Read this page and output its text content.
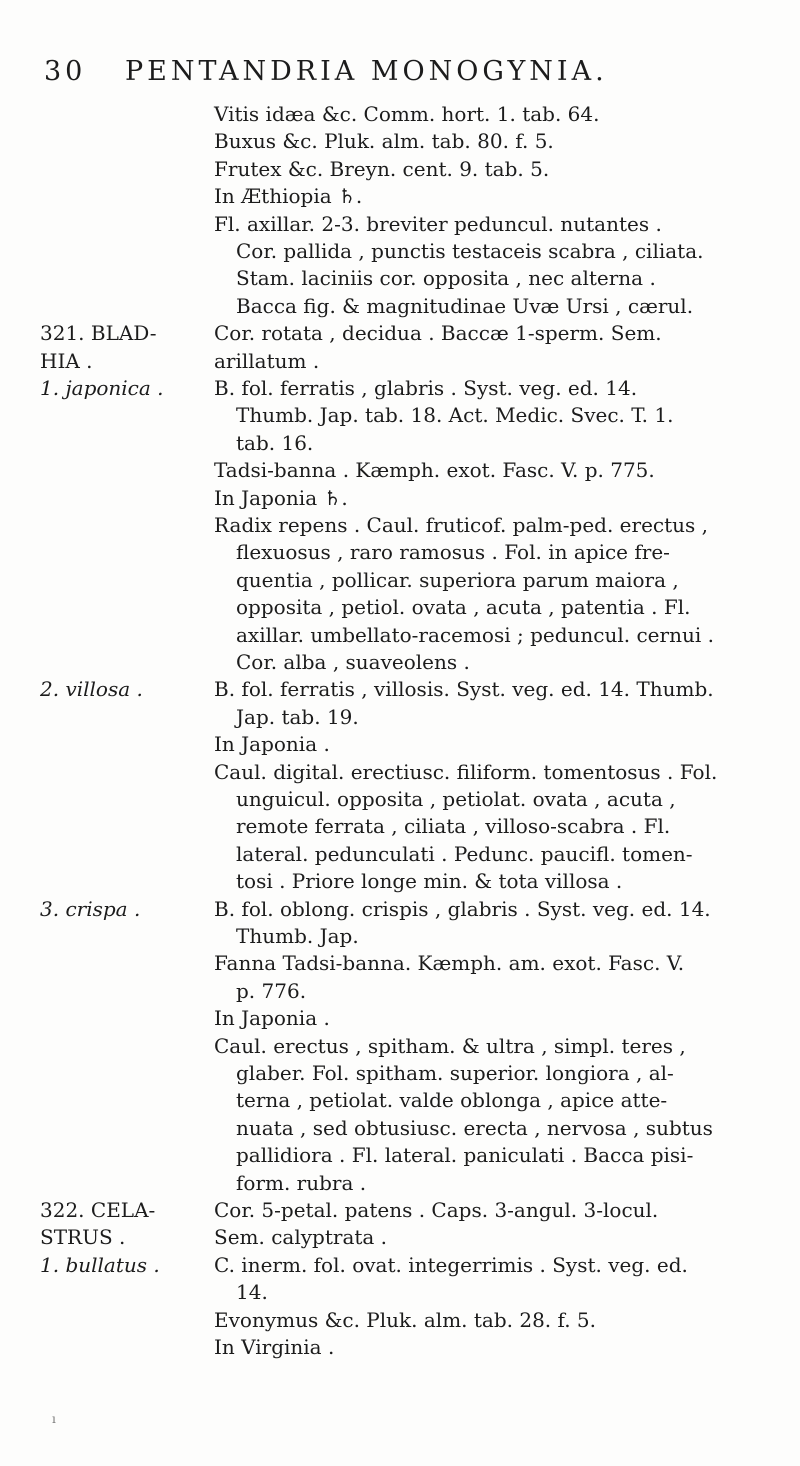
30 PENTANDRIA MONOGYNIA.
Vitis idæa &c. Comm. hort. 1. tab. 64.
Buxus &c. Pluk. alm. tab. 80. f. 5.
Frutex &c. Breyn. cent. 9. tab. 5.
In Æthiopia ♄.
Fl. axillar. 2-3. breviter peduncul. nutantes .
Cor. pallida , punctis testaceis scabra , ciliata.
Stam. laciniis cor. opposita , nec alterna .
Bacca fig. & magnitudinae Uvæ Ursi , cærul.
321. BLAD-	Cor. rotata , decidua . Baccæ 1-sperm. Sem.
HIA .	arillatum .
1. japonica .	B. fol. ferratis , glabris . Syst. veg. ed. 14.
Thumb. Jap. tab. 18. Act. Medic. Svec. T. 1.
tab. 16.
Tadsi-banna . Kæmph. exot. Fasc. V. p. 775.
In Japonia ♄.
Radix repens . Caul. fruticof. palm-ped. erectus ,
flexuosus , raro ramosus . Fol. in apice fre-
quentia , pollicar. superiora parum maiora ,
opposita , petiol. ovata , acuta , patentia . Fl.
axillar. umbellato-racemosi ; peduncul. cernui .
Cor. alba , suaveolens .
2. villosa .	B. fol. ferratis , villosis. Syst. veg. ed. 14. Thumb.
Jap. tab. 19.
In Japonia .
Caul. digital. erectiusc. filiform. tomentosus . Fol.
unguicul. opposita , petiolat. ovata , acuta ,
remote ferrata , ciliata , villoso-scabra . Fl.
lateral. pedunculati . Pedunc. paucifl. tomen-
tosi . Priore longe min. & tota villosa .
3. crispa .	B. fol. oblong. crispis , glabris . Syst. veg. ed. 14.
Thumb. Jap.
Fanna Tadsi-banna. Kæmph. am. exot. Fasc. V.
p. 776.
In Japonia .
Caul. erectus , spitham. & ultra , simpl. teres ,
glaber. Fol. spitham. superior. longiora , al-
terna , petiolat. valde oblonga , apice atte-
nuata , sed obtusiusc. erecta , nervosa , subtus
pallidiora . Fl. lateral. paniculati . Bacca pisi-
form. rubra .
322. CELA-	Cor. 5-petal. patens . Caps. 3-angul. 3-locul.
STRUS .	Sem. calyptrata .
1. bullatus .	C. inerm. fol. ovat. integerrimis . Syst. veg. ed.
14.
Evonymus &c. Pluk. alm. tab. 28. f. 5.
In Virginia .
ı
